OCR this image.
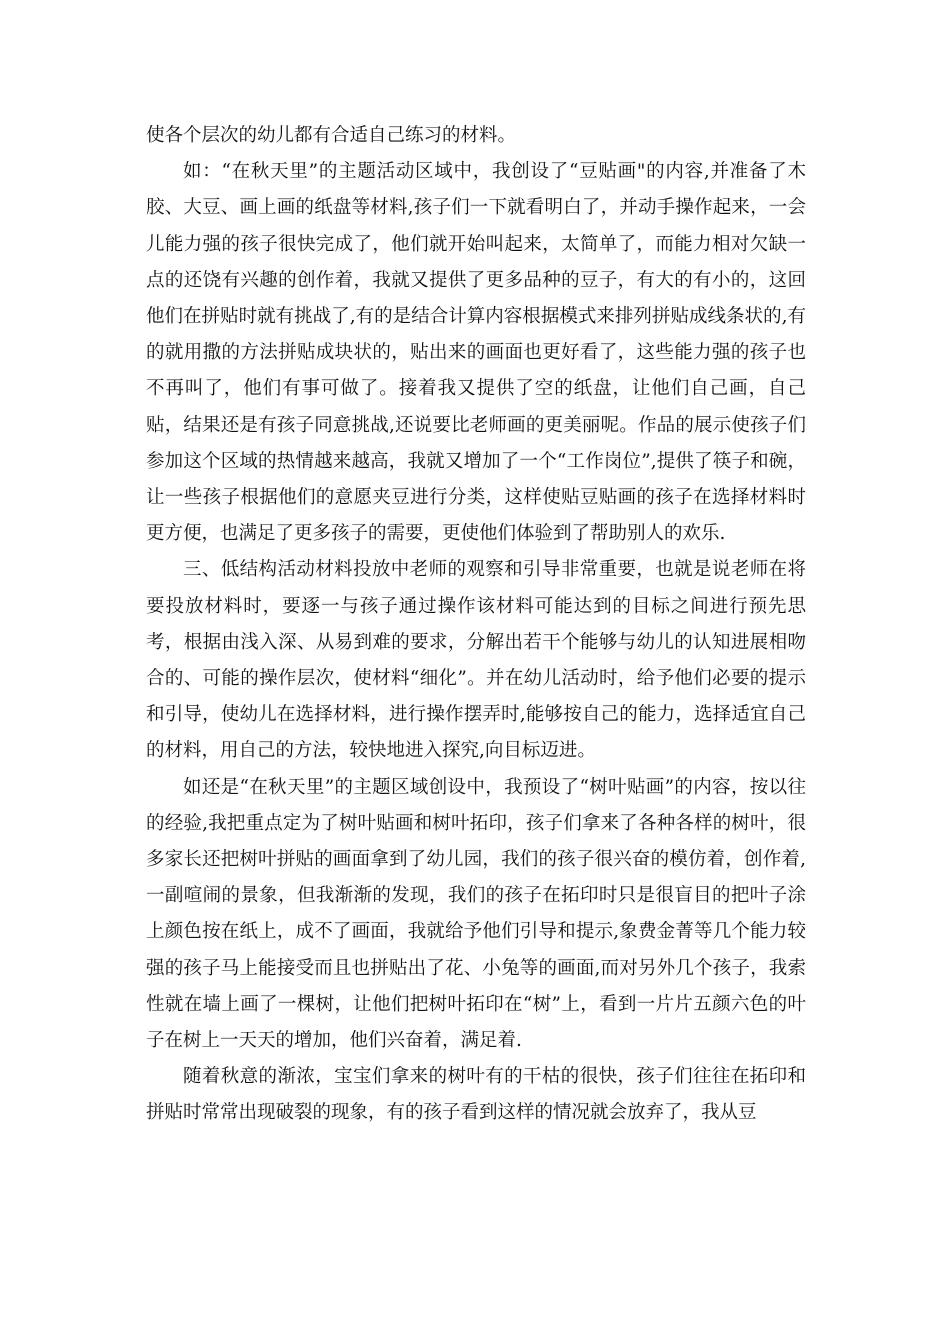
使各个层次的幼儿都有合适自己练习的材料。

如：“在秋天里”的主题活动区域中，我创设了“豆贴画"的内容,并准备了木胶、大豆、画上画的纸盘等材料,孩子们一下就看明白了，并动手操作起来，一会儿能力强的孩子很快完成了，他们就开始叫起来，太简单了，而能力相对欠缺一点的还饶有兴趣的创作着，我就又提供了更多品种的豆子，有大的有小的，这回他们在拼贴时就有挑战了,有的是结合计算内容根据模式来排列拼贴成线条状的,有的就用撒的方法拼贴成块状的，贴出来的画面也更好看了，这些能力强的孩子也不再叫了，他们有事可做了。接着我又提供了空的纸盘，让他们自己画，自己贴，结果还是有孩子同意挑战,还说要比老师画的更美丽呢。作品的展示使孩子们参加这个区域的热情越来越高，我就又增加了一个“工作岗位”,提供了筷子和碗，让一些孩子根据他们的意愿夹豆进行分类，这样使贴豆贴画的孩子在选择材料时更方便，也满足了更多孩子的需要，更使他们体验到了帮助别人的欢乐.

三、低结构活动材料投放中老师的观察和引导非常重要，也就是说老师在将要投放材料时，要逐一与孩子通过操作该材料可能达到的目标之间进行预先思考，根据由浅入深、从易到难的要求，分解出若干个能够与幼儿的认知进展相吻合的、可能的操作层次，使材料“细化”。并在幼儿活动时，给予他们必要的提示和引导，使幼儿在选择材料，进行操作摆弄时,能够按自己的能力，选择适宜自己的材料，用自己的方法，较快地进入探究,向目标迈进。

如还是“在秋天里”的主题区域创设中，我预设了“树叶贴画”的内容，按以往的经验,我把重点定为了树叶贴画和树叶拓印，孩子们拿来了各种各样的树叶，很多家长还把树叶拼贴的画面拿到了幼儿园，我们的孩子很兴奋的模仿着，创作着,一副喧闹的景象，但我渐渐的发现，我们的孩子在拓印时只是很盲目的把叶子涂上颜色按在纸上，成不了画面，我就给予他们引导和提示,象费金菁等几个能力较强的孩子马上能接受而且也拼贴出了花、小兔等的画面,而对另外几个孩子，我索性就在墙上画了一棵树，让他们把树叶拓印在“树”上，看到一片片五颜六色的叶子在树上一天天的增加，他们兴奋着，满足着.

随着秋意的渐浓，宝宝们拿来的树叶有的干枯的很快，孩子们往往在拓印和拼贴时常常出现破裂的现象，有的孩子看到这样的情况就会放弃了，我从豆
